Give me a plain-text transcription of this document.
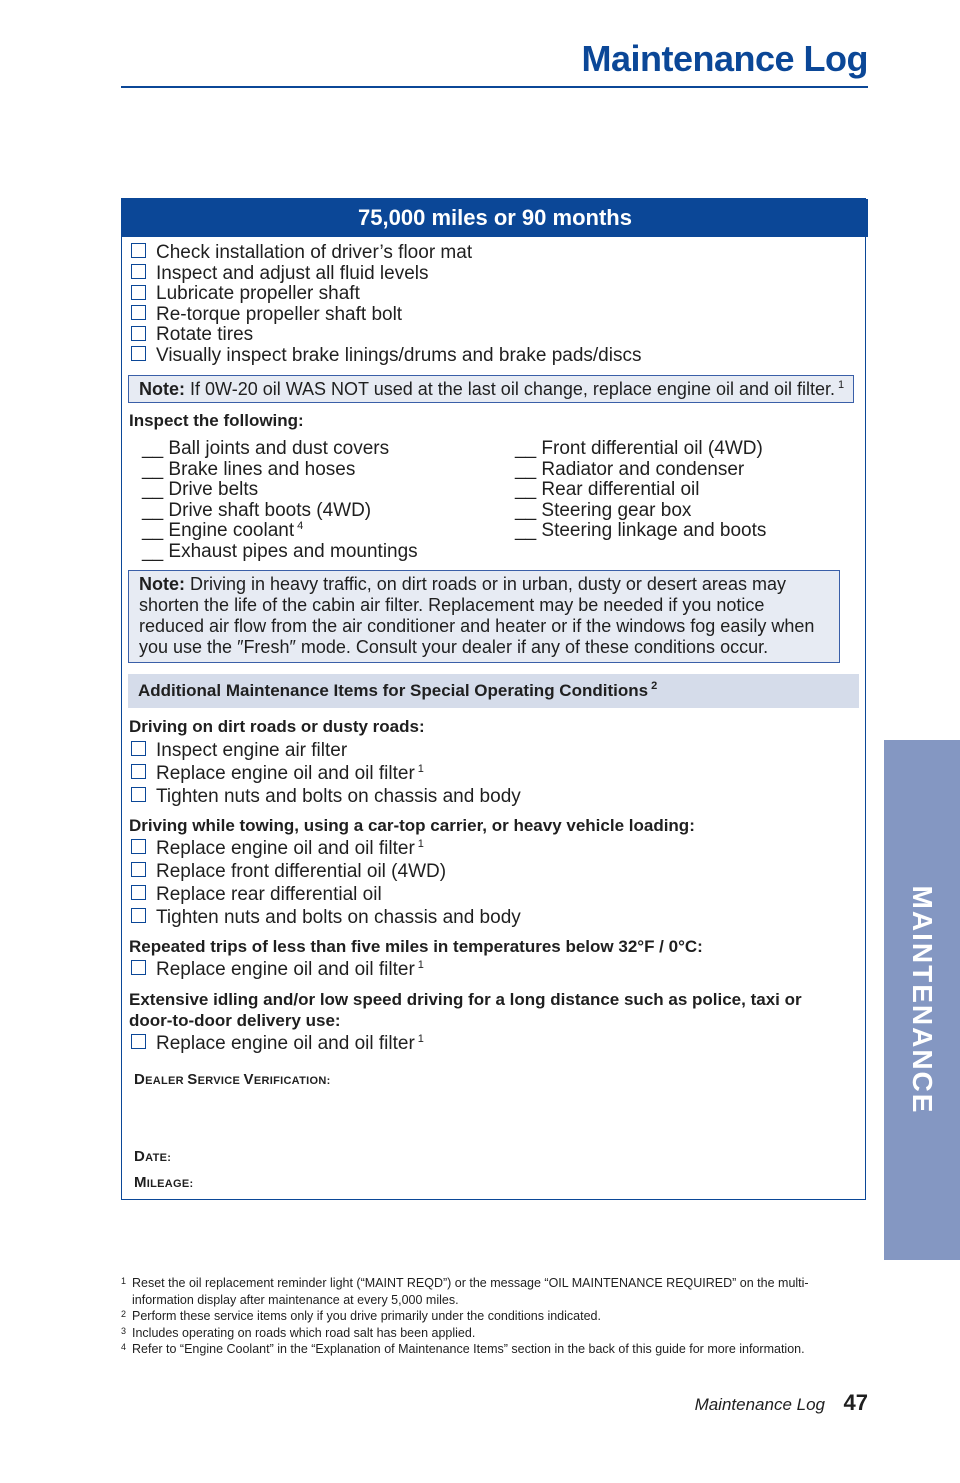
Maintenance Log
MAINTENANCE
75,000 miles or 90 months
Check installation of driver’s floor mat
Inspect and adjust all fluid levels
Lubricate propeller shaft
Re-torque propeller shaft bolt
Rotate tires
Visually inspect brake linings/drums and brake pads/discs
Note: If 0W-20 oil WAS NOT used at the last oil change, replace engine oil and oil filter. $^1$
Inspect the following:
__ Ball joints and dust covers
__ Brake lines and hoses
__ Drive belts
__ Drive shaft boots (4WD)
__ Engine coolant $^4$
__ Exhaust pipes and mountings
__ Front differential oil (4WD)
__ Radiator and condenser
__ Rear differential oil
__ Steering gear box
__ Steering linkage and boots
Note: Driving in heavy traffic, on dirt roads or in urban, dusty or desert areas may shorten the life of the cabin air filter. Replacement may be needed if you notice reduced air flow from the air conditioner and heater or if the windows fog easily when you use the ″Fresh″ mode. Consult your dealer if any of these conditions occur.
Additional Maintenance Items for Special Operating Conditions $^2$
Driving on dirt roads or dusty roads:
Inspect engine air filter
Replace engine oil and oil filter $^1$
Tighten nuts and bolts on chassis and body
Driving while towing, using a car-top carrier, or heavy vehicle loading:
Replace engine oil and oil filter $^1$
Replace front differential oil (4WD)
Replace rear differential oil
Tighten nuts and bolts on chassis and body
Repeated trips of less than five miles in temperatures below 32°F / 0°C:
Replace engine oil and oil filter $^1$
Extensive idling and/or low speed driving for a long distance such as police, taxi or
door-to-door delivery use:
Replace engine oil and oil filter $^1$
DEALER SERVICE VERIFICATION:
DATE:
MILEAGE:
1 Reset the oil replacement reminder light (“MAINT REQD”) or the message “OIL MAINTENANCE REQUIRED” on the multi-information display after maintenance at every 5,000 miles.
2 Perform these service items only if you drive primarily under the conditions indicated.
3 Includes operating on roads which road salt has been applied.
4 Refer to “Engine Coolant” in the “Explanation of Maintenance Items” section in the back of this guide for more information.
Maintenance Log 47
